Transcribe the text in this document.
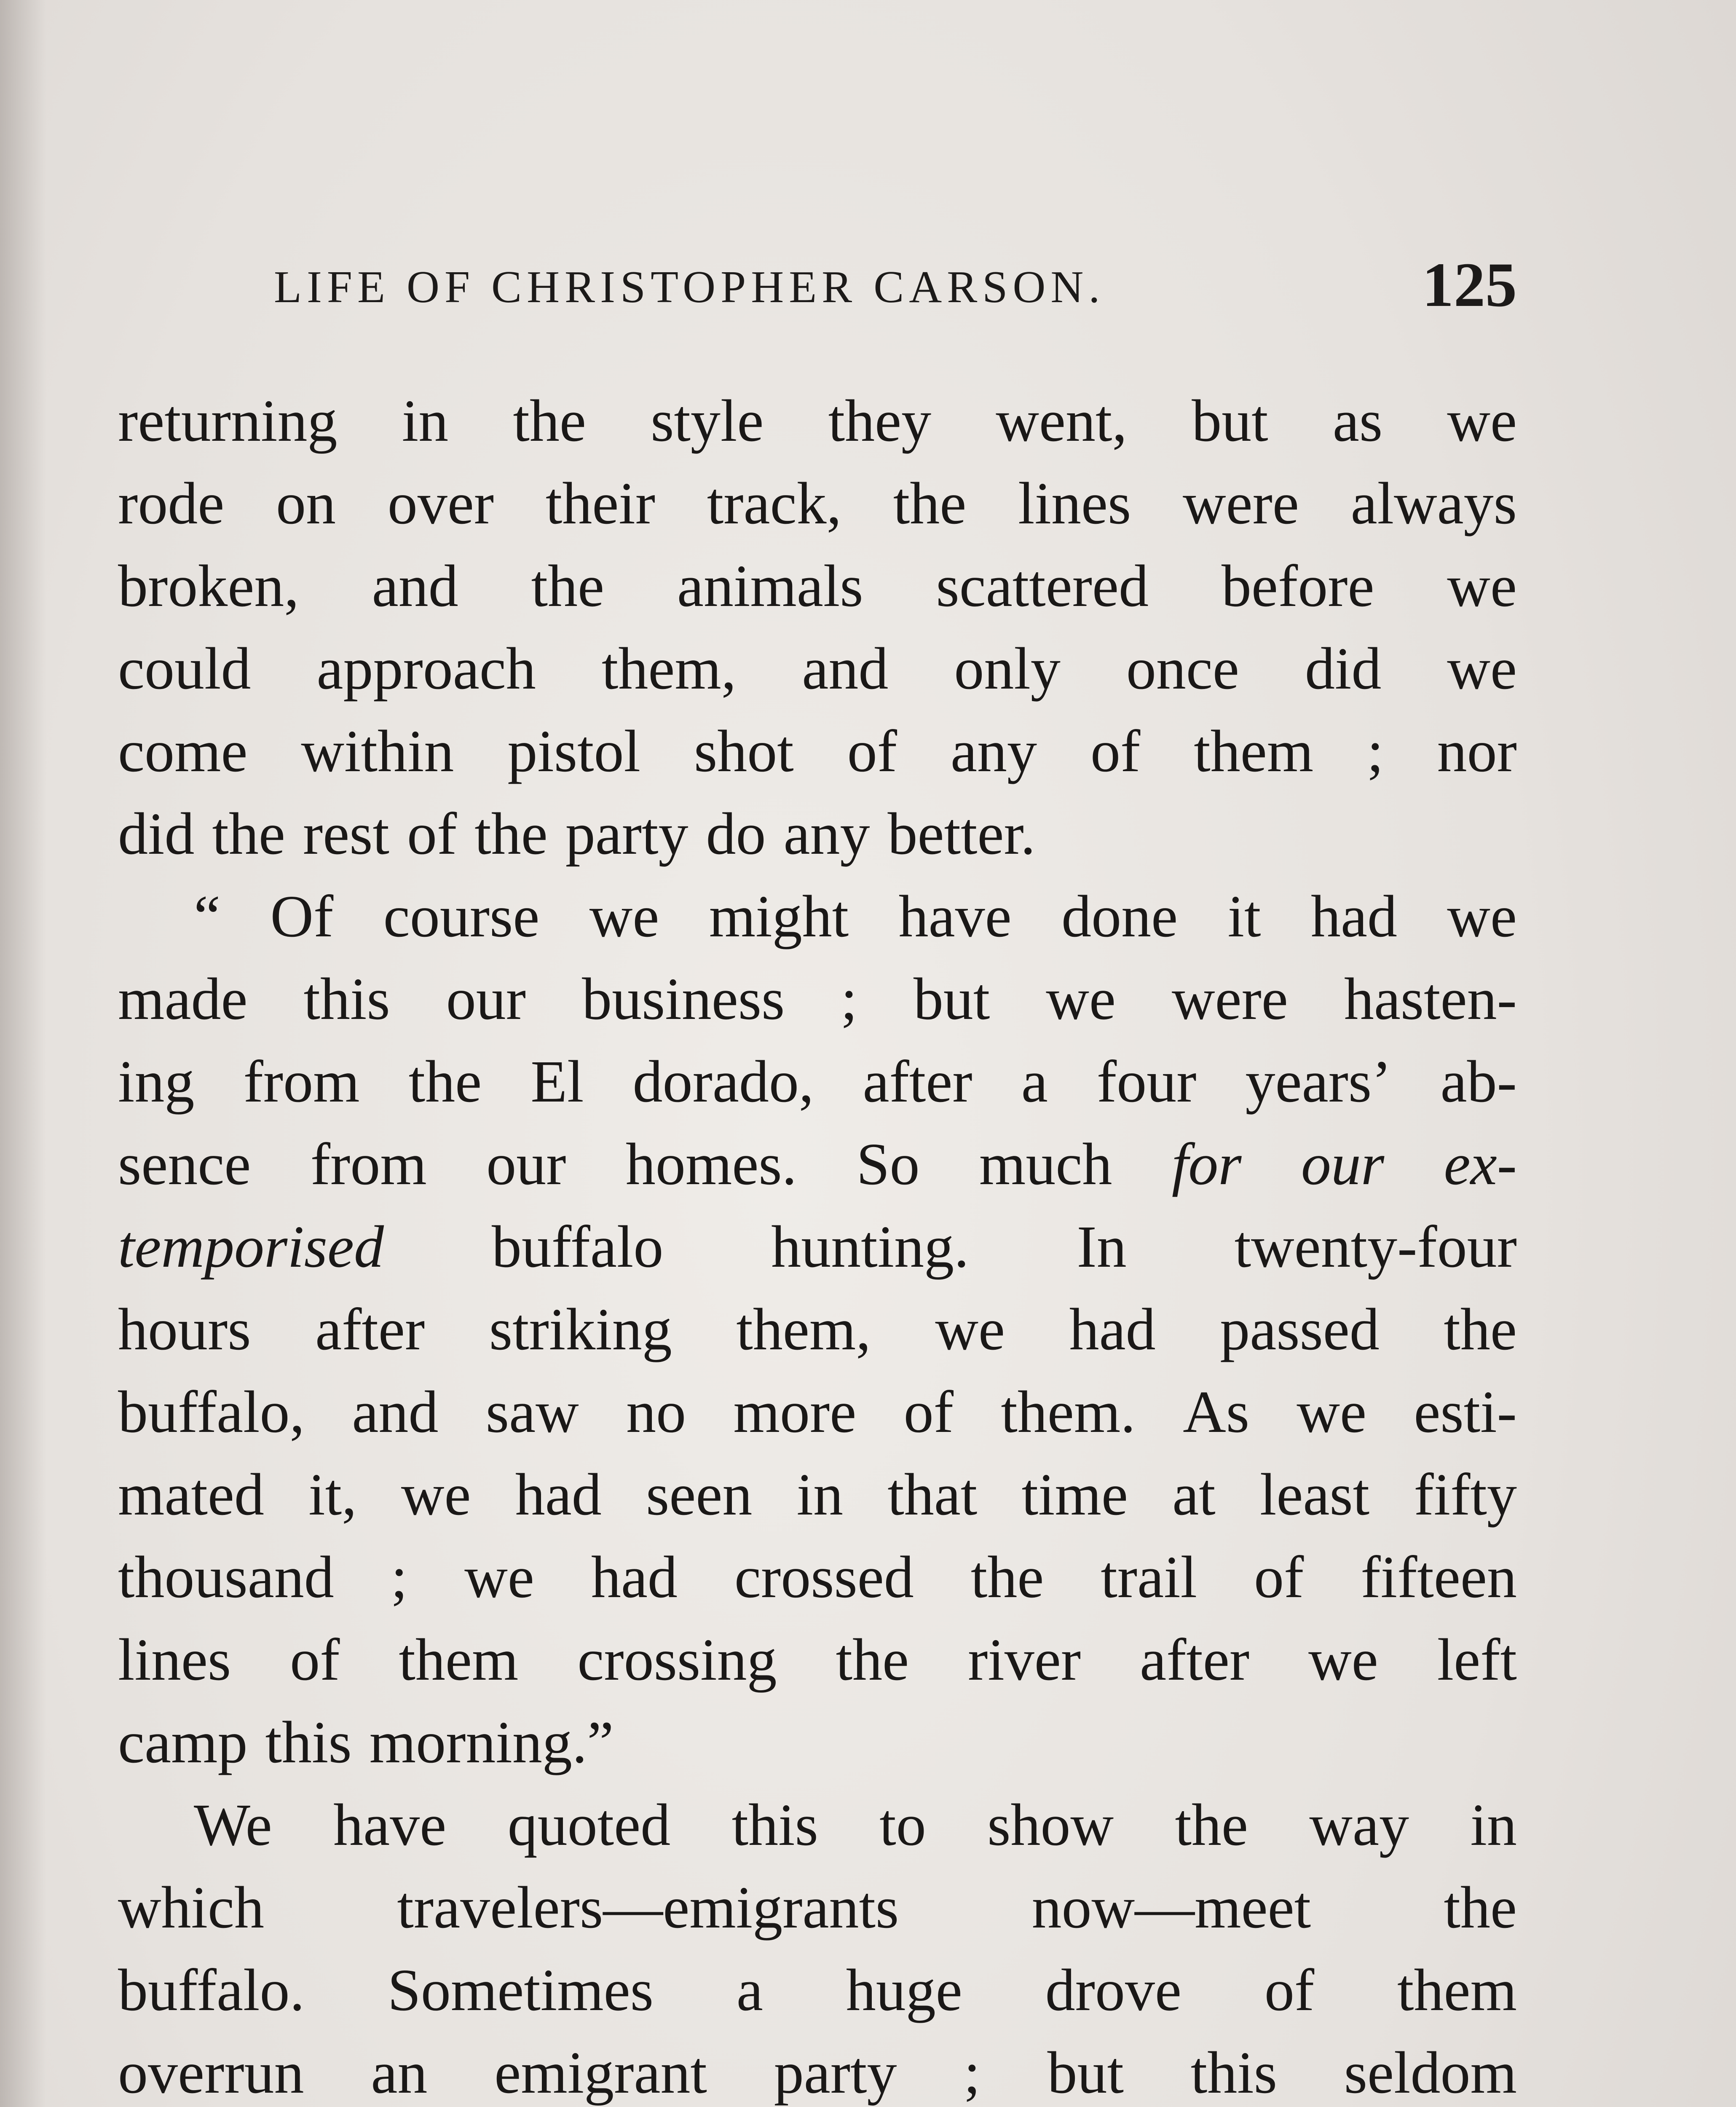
LIFE OF CHRISTOPHER CARSON.	125
returning in the style they went, but as we
rode on over their track, the lines were always
broken, and the animals scattered before we
could approach them, and only once did we
come within pistol shot of any of them ; nor
did the rest of the party do any better.
“ Of course we might have done it had we
made this our business ; but we were hasten-
ing from the El dorado, after a four years’ ab-
sence from our homes. So much for our ex-
temporised buffalo hunting. In twenty-four
hours after striking them, we had passed the
buffalo, and saw no more of them. As we esti-
mated it, we had seen in that time at least fifty
thousand ; we had crossed the trail of fifteen
lines of them crossing the river after we left
camp this morning.”
We have quoted this to show the way in
which travelers—emigrants now—meet the
buffalo. Sometimes a huge drove of them
overrun an emigrant party ; but this seldom
